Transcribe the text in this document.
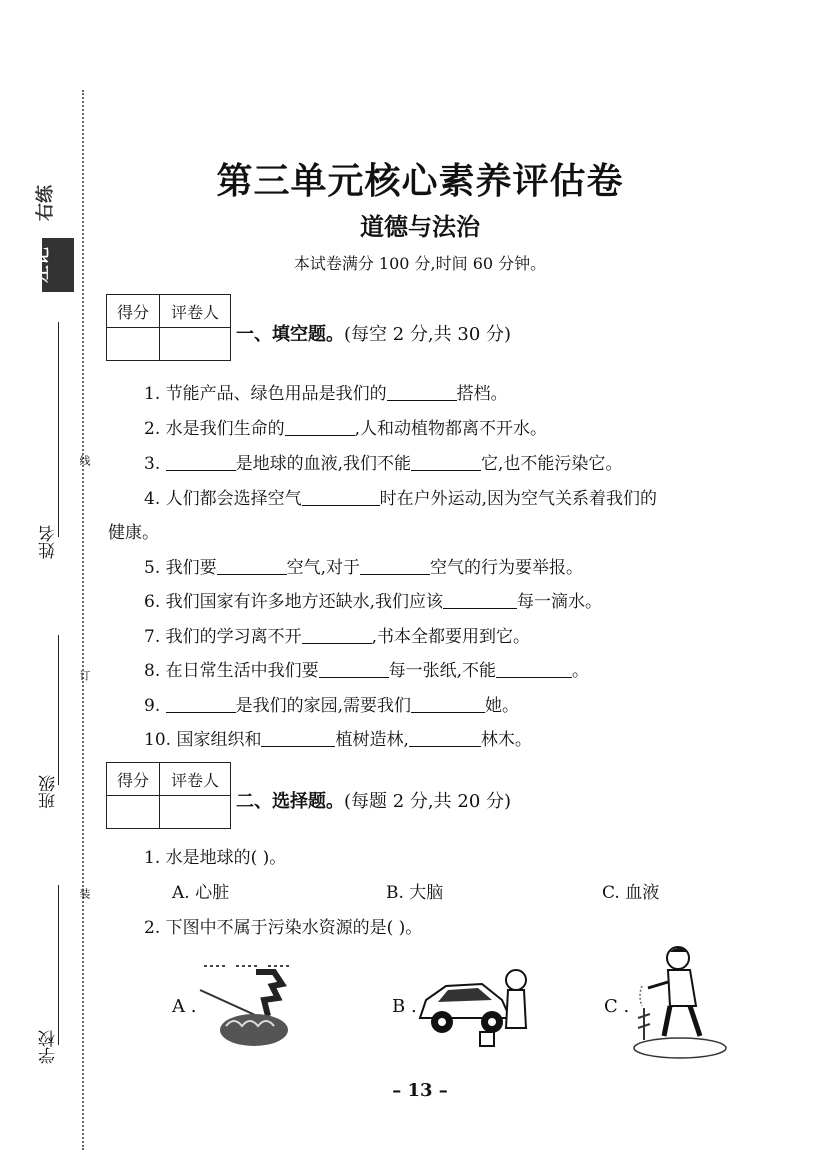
左记
右练
姓名
班级
学校
线
订
装
第三单元核心素养评估卷
道德与法治
本试卷满分 100 分,时间 60 分钟。
得分	评卷人

一、填空题。(每空 2 分,共 30 分)
1. 节能产品、绿色用品是我们的	搭档。
2. 水是我们生命的	,人和动植物都离不开水。
3.	是地球的血液,我们不能	它,也不能污染它。
4. 人们都会选择空气	时在户外运动,因为空气关系着我们的
健康。
5. 我们要	空气,对于	空气的行为要举报。
6. 我们国家有许多地方还缺水,我们应该	每一滴水。
7. 我们的学习离不开	,书本全都要用到它。
8. 在日常生活中我们要	每一张纸,不能	。
9.	是我们的家园,需要我们	她。
10. 国家组织和	植树造林,	林木。
得分	评卷人

二、选择题。(每题 2 分,共 20 分)
1. 水是地球的( )。
A. 心脏	B. 大脑	C. 血液
2. 下图中不属于污染水资源的是( )。
A .	B .	C .
– 13 –
